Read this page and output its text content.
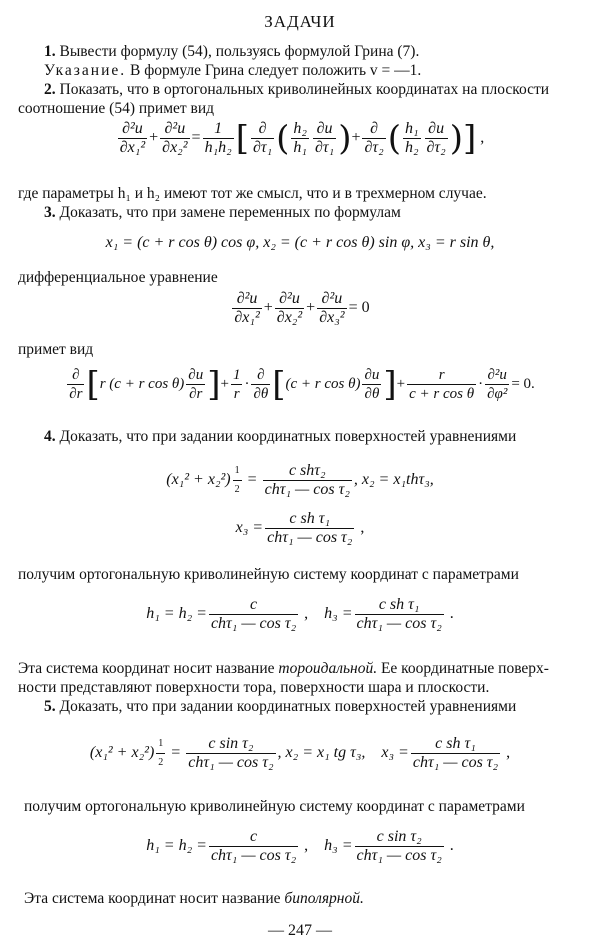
ЗАДАЧИ
1. Вывести формулу (54), пользуясь формулой Грина (7).
Указание. В формуле Грина следует положить v = —1.
2. Показать, что в ортогональных криволинейных координатах на плоскости
соотношение (54) примет вид
$\frac{\text{∂²u}}{\text{∂x₁²}} + \frac{\text{∂²u}}{\text{∂x₂²}} = \frac{1}{\text{h₁h₂}}$ [ $\frac{\partial}{\text{∂τ₁}}$ ( $\frac{\text{h₂}}{\text{h₁}} \frac{\partial u}{\text{∂τ₁}}$ )+ $\frac{\partial}{\text{∂τ₂}}$ ( $\frac{\text{h₁}}{\text{h₂}} \frac{\partial u}{\text{∂τ₂}}$ )] ,
где параметры h₁ и h₂ имеют тот же смысл, что и в трехмерном случае.
3. Доказать, что при замене переменных по формулам
x₁ = (c + r cos θ) cos φ, x₂ = (c + r cos θ) sin φ, x₃ = r sin θ,
дифференциальное уравнение
$\frac{\text{∂²u}}{\text{∂x₁²}} + \frac{\text{∂²u}}{\text{∂x₂²}} + \frac{\text{∂²u}}{\text{∂x₃²}} = 0$
примет вид
$\frac{\partial}{\partial r} [r$ (c + r $\cos \theta) \frac{\partial u}{\partial r}$ ]+ $\frac{1}{r} \cdot \frac{\partial}{\partial\theta} [(c + r$ $\cos \theta) \frac{\partial u}{\partial\theta}$ ]+ $\frac{r}{\text{c + r cos θ}} \cdot \frac{\text{∂²u}}{\text{∂φ²}} = 0$.
4. Доказать, что при задании координатных поверхностей уравнениями
$(x_1^2 + x_2^2) \frac{1}{2} = \frac{\text{c shτ₂}}{\text{chτ₁ — cos τ₂}}$ , x₂ = x₁thτ₃,
$x_3 = \frac{\text{c sh τ₁}}{\text{chτ₁ — cos τ₂}}$ ,
получим ортогональную криволинейную систему координат с параметрами
$h_1 = h_2 = \frac{c}{\text{chτ₁ — cos τ₂}}$ ,    $h_3 = \frac{\text{c sh τ₁}}{\text{chτ₁ — cos τ₂}}$ .
Эта система координат носит название тороидальной. Ее координатные поверх-
ности представляют поверхности тора, поверхности шара и плоскости.
5. Доказать, что при задании координатных поверхностей уравнениями
$(x_1^2 + x_2^2) \frac{1}{2} = \frac{\text{c sin τ₂}}{\text{chτ₁ — cos τ₂}}$ , x₂ = x₁ tg τ₃, $x_3 = \frac{\text{c sh τ₁}}{\text{chτ₁ — cos τ₂}}$ ,
получим ортогональную криволинейную систему координат с параметрами
$h_1 = h_2 = \frac{c}{\text{chτ₁ — cos τ₂}}$ ,    $h_3 = \frac{\text{c sin τ₂}}{\text{chτ₁ — cos τ₂}}$ .
Эта система координат носит название биполярной.
— 247 —
